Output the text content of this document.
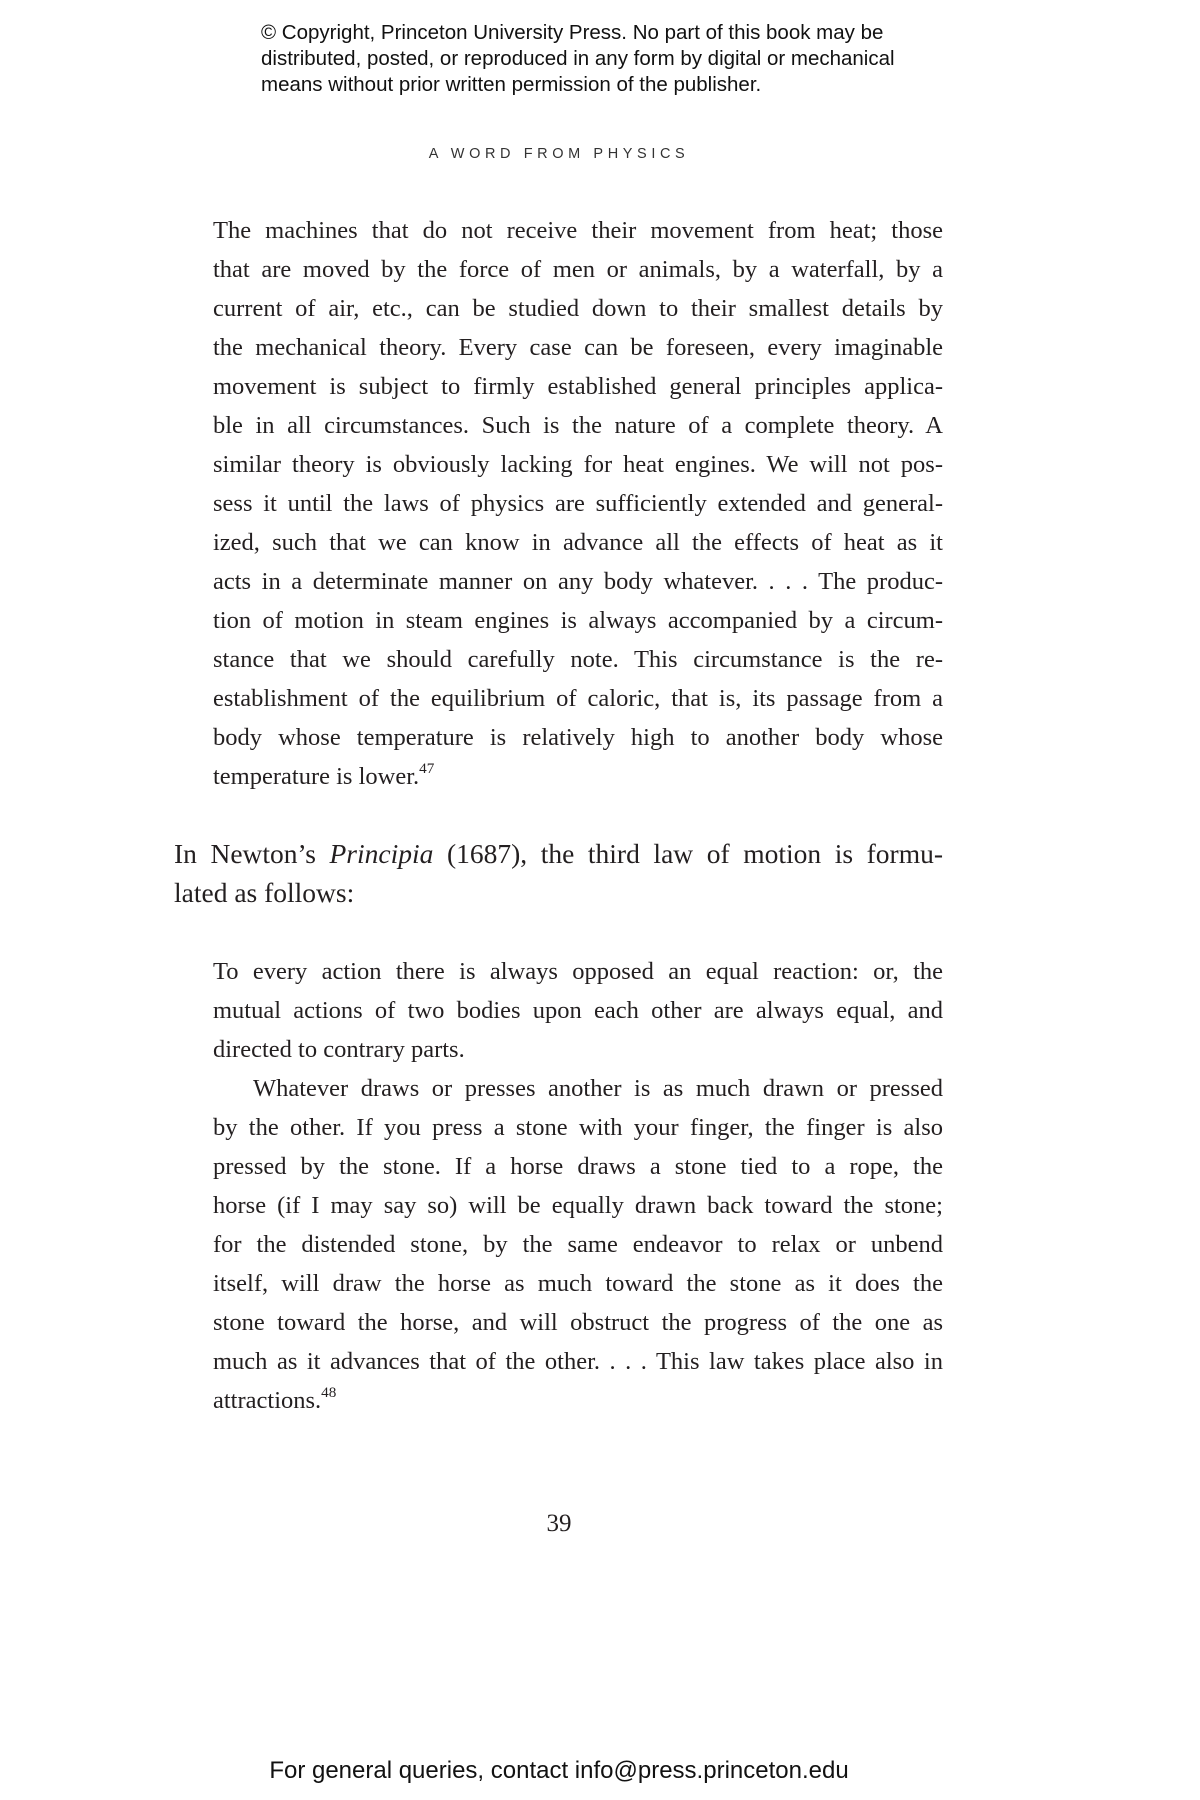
© Copyright, Princeton University Press. No part of this book may be
distributed, posted, or reproduced in any form by digital or mechanical
means without prior written permission of the publisher.
A WORD FROM PHYSICS

The machines that do not receive their movement from heat; those

that are moved by the force of men or animals, by a waterfall, by a

current of air, etc., can be studied down to their smallest details by

the mechanical theory. Every case can be foreseen, every imaginable

movement is subject to firmly established general principles applica-

ble in all circumstances. Such is the nature of a complete theory. A

similar theory is obviously lacking for heat engines. We will not pos-

sess it until the laws of physics are sufficiently extended and general-

ized, such that we can know in advance all the effects of heat as it

acts in a determinate manner on any body whatever. . . . The produc-

tion of motion in steam engines is always accompanied by a circum-

stance that we should carefully note. This circumstance is the re-

establishment of the equilibrium of caloric, that is, its passage from a

body whose temperature is relatively high to another body whose

temperature is lower.$^{47}$

In Newton’s Principia (1687), the third law of motion is formu-

lated as follows:

To every action there is always opposed an equal reaction: or, the

mutual actions of two bodies upon each other are always equal, and

directed to contrary parts.

Whatever draws or presses another is as much drawn or pressed

by the other. If you press a stone with your finger, the finger is also

pressed by the stone. If a horse draws a stone tied to a rope, the

horse (if I may say so) will be equally drawn back toward the stone;

for the distended stone, by the same endeavor to relax or unbend

itself, will draw the horse as much toward the stone as it does the

stone toward the horse, and will obstruct the progress of the one as

much as it advances that of the other. . . . This law takes place also in

attractions.$^{48}$

39
For general queries, contact info@press.princeton.edu
